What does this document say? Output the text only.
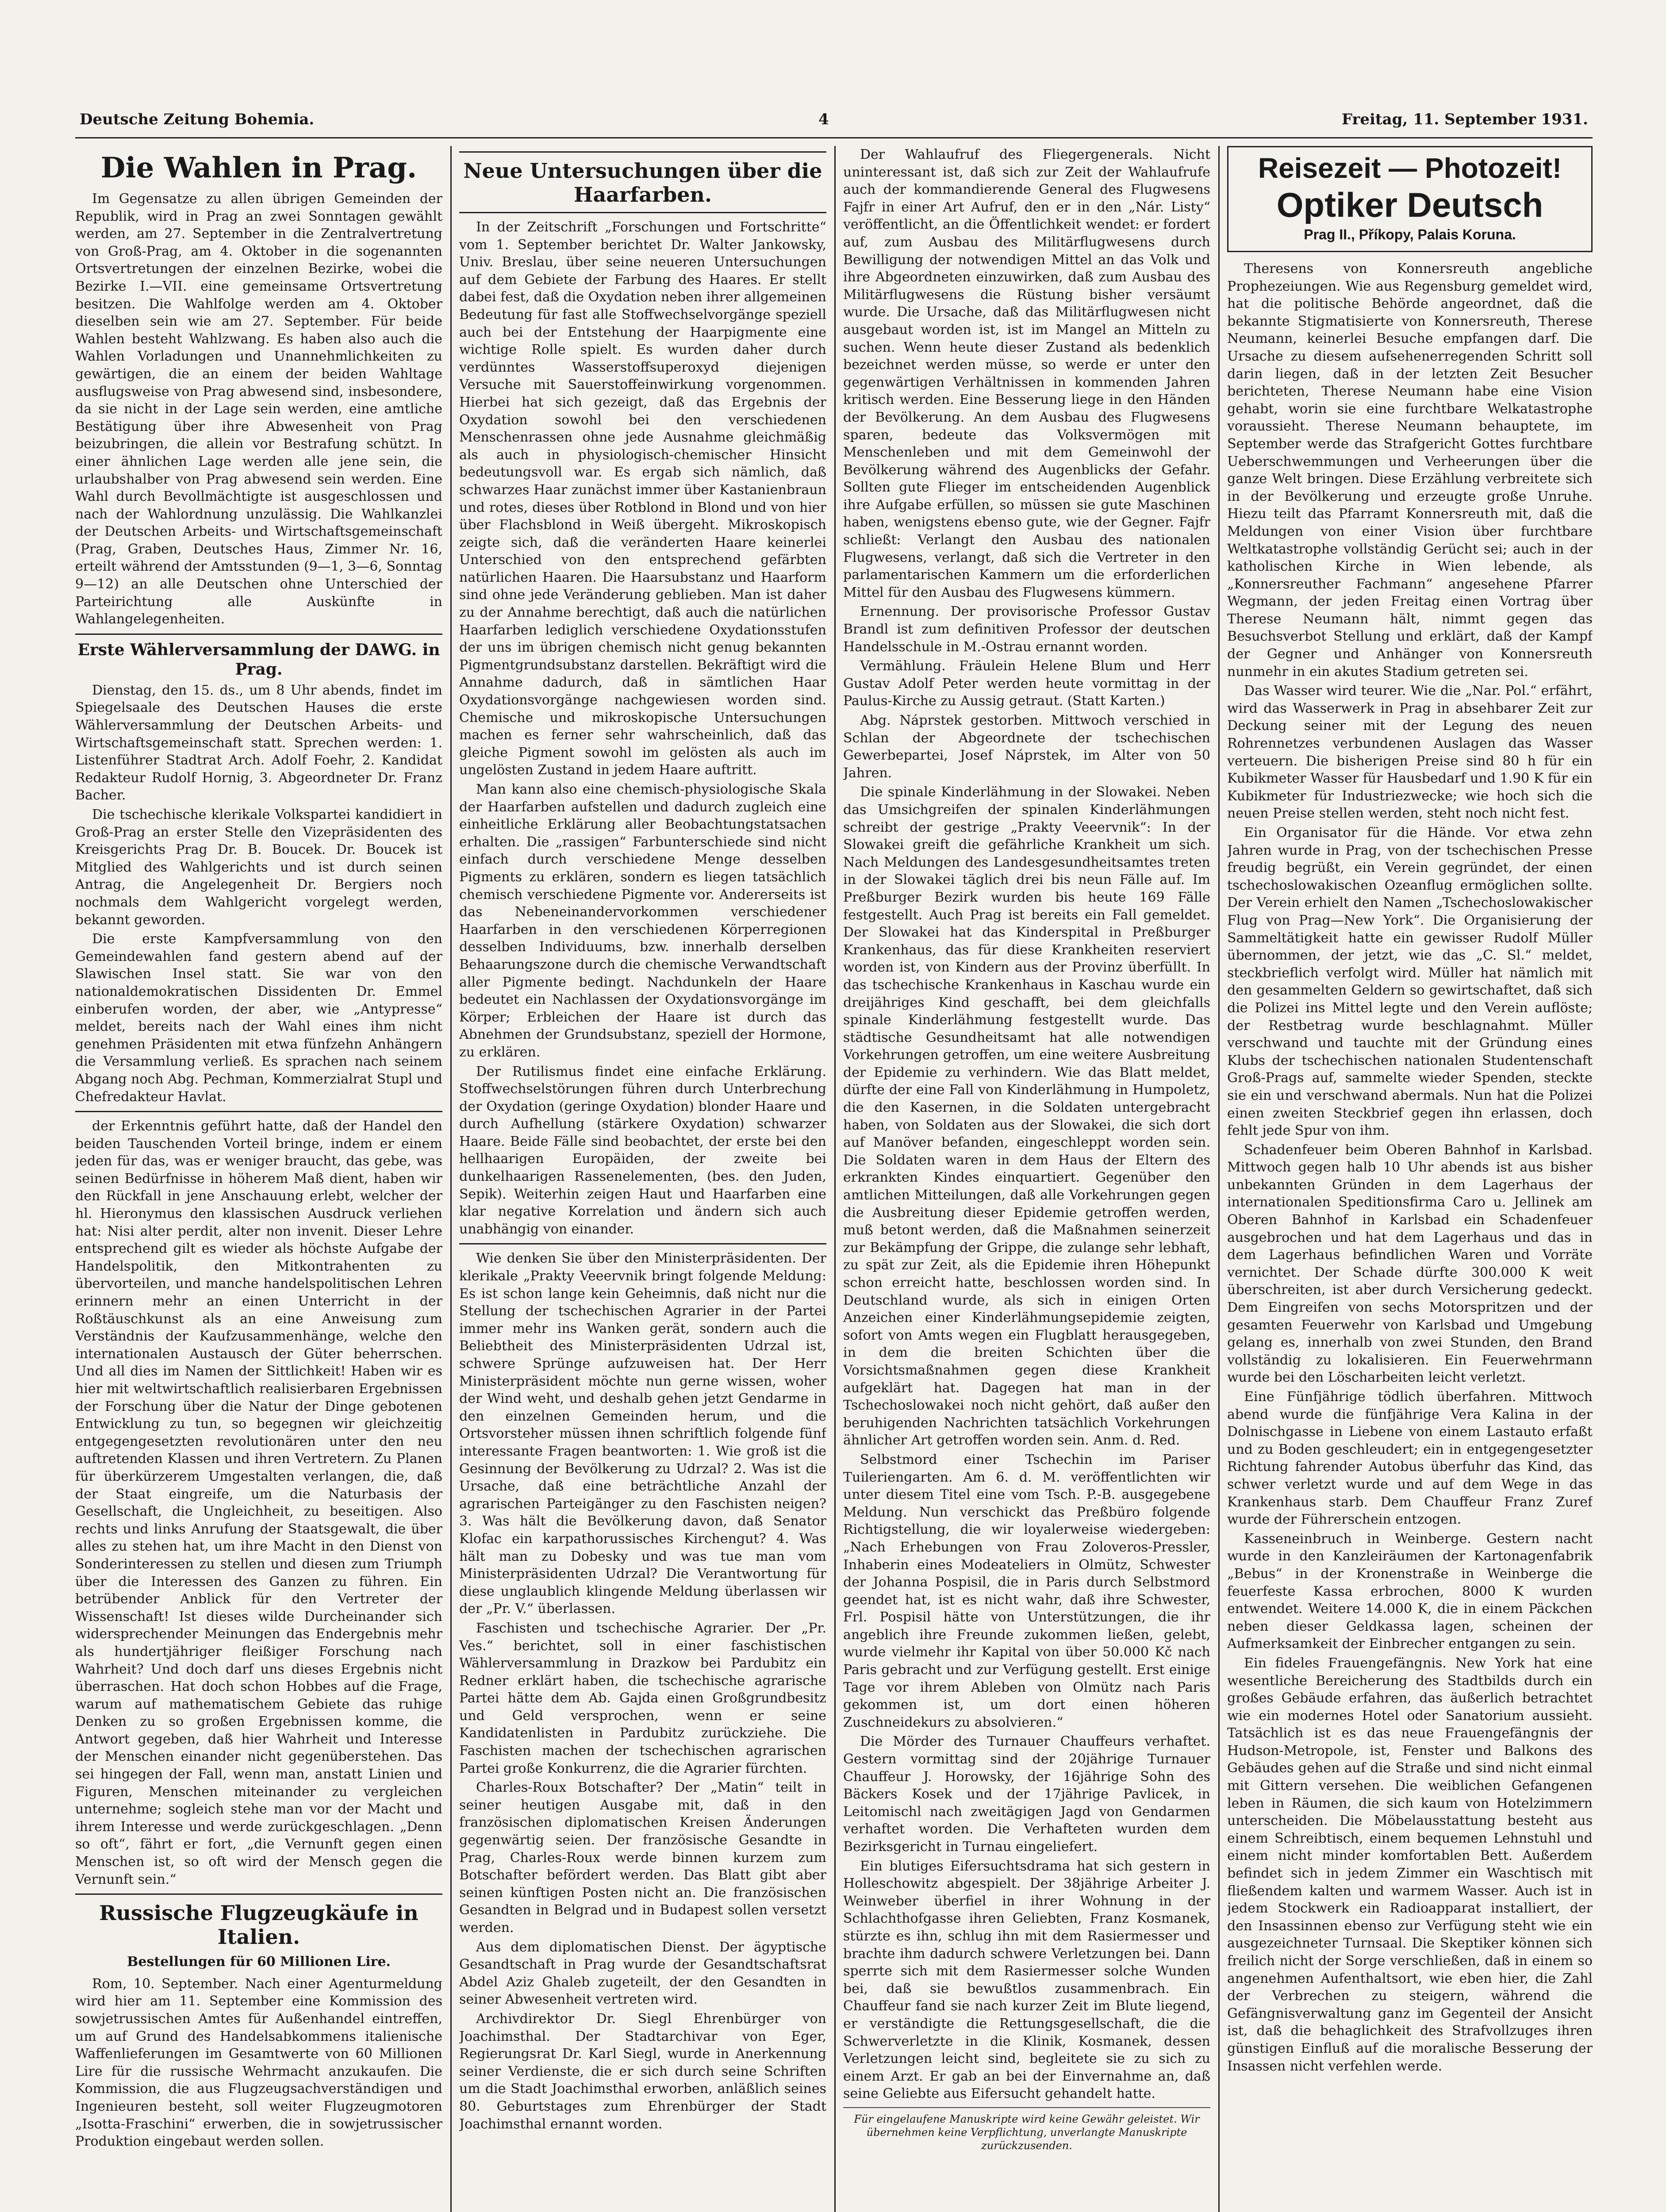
Deutsche Zeitung Bohemia.	4	Freitag, 11. September 1931.
Die Wahlen in Prag.

Im Gegensatze zu allen übrigen Gemeinden der Republik, wird in Prag an zwei Sonntagen gewählt werden, am 27. September in die Zentralvertretung von Groß-Prag, am 4. Oktober in die sogenannten Ortsvertretungen der einzelnen Bezirke, wobei die Bezirke I.—VII. eine gemeinsame Ortsvertretung besitzen. Die Wahlfolge werden am 4. Oktober dieselben sein wie am 27. September. Für beide Wahlen besteht Wahlzwang. Es haben also auch die Wahlen Vorladungen und Unannehmlichkeiten zu gewärtigen, die an einem der beiden Wahltage ausflugsweise von Prag abwesend sind, insbesondere, da sie nicht in der Lage sein werden, eine amtliche Bestätigung über ihre Abwesenheit von Prag beizubringen, die allein vor Bestrafung schützt. In einer ähnlichen Lage werden alle jene sein, die urlaubshalber von Prag abwesend sein werden. Eine Wahl durch Bevollmächtigte ist ausgeschlossen und nach der Wahlordnung unzulässig. Die Wahlkanzlei der Deutschen Arbeits- und Wirtschaftsgemeinschaft (Prag, Graben, Deutsches Haus, Zimmer Nr. 16, erteilt während der Amtsstunden (9—1, 3—6, Sonntag 9—12) an alle Deutschen ohne Unterschied der Parteirichtung alle Auskünfte in Wahlangelegenheiten.

Erste Wählerversammlung der DAWG. in Prag.

Dienstag, den 15. ds., um 8 Uhr abends, findet im Spiegelsaale des Deutschen Hauses die erste Wählerversammlung der Deutschen Arbeits- und Wirtschaftsgemeinschaft statt. Sprechen werden: 1. Listenführer Stadtrat Arch. Adolf Foehr, 2. Kandidat Redakteur Rudolf Hornig, 3. Abgeordneter Dr. Franz Bacher.

Die tschechische klerikale Volkspartei kandidiert in Groß-Prag an erster Stelle den Vizepräsidenten des Kreisgerichts Prag Dr. B. Boucek. Dr. Boucek ist Mitglied des Wahlgerichts und ist durch seinen Antrag, die Angelegenheit Dr. Bergiers noch nochmals dem Wahlgericht vorgelegt werden, bekannt geworden.

Die erste Kampfversammlung von den Gemeindewahlen fand gestern abend auf der Slawischen Insel statt. Sie war von den nationaldemokratischen Dissidenten Dr. Emmel einberufen worden, der aber, wie „Antypresse“ meldet, bereits nach der Wahl eines ihm nicht genehmen Präsidenten mit etwa fünfzehn Anhängern die Versammlung verließ. Es sprachen nach seinem Abgang noch Abg. Pechman, Kommerzialrat Stupl und Chefredakteur Havlat.

der Erkenntnis geführt hatte, daß der Handel den beiden Tauschenden Vorteil bringe, indem er einem jeden für das, was er weniger braucht, das gebe, was seinen Bedürfnisse in höherem Maß dient, haben wir den Rückfall in jene Anschauung erlebt, welcher der hl. Hieronymus den klassischen Ausdruck verliehen hat: Nisi alter perdit, alter non invenit. Dieser Lehre entsprechend gilt es wieder als höchste Aufgabe der Handelspolitik, den Mitkontrahenten zu übervorteilen, und manche handelspolitischen Lehren erinnern mehr an einen Unterricht in der Roßtäuschkunst als an eine Anweisung zum Verständnis der Kaufzusammenhänge, welche den internationalen Austausch der Güter beherrschen. Und all dies im Namen der Sittlichkeit! Haben wir es hier mit weltwirtschaftlich realisierbaren Ergebnissen der Forschung über die Natur der Dinge gebotenen Entwicklung zu tun, so begegnen wir gleichzeitig entgegengesetzten revolutionären unter den neu auftretenden Klassen und ihren Vertretern. Zu Planen für überkürzerem Umgestalten verlangen, die, daß der Staat eingreife, um die Naturbasis der Gesellschaft, die Ungleichheit, zu beseitigen. Also rechts und links Anrufung der Staatsgewalt, die über alles zu stehen hat, um ihre Macht in den Dienst von Sonderinteressen zu stellen und diesen zum Triumph über die Interessen des Ganzen zu führen. Ein betrübender Anblick für den Vertreter der Wissenschaft! Ist dieses wilde Durcheinander sich widersprechender Meinungen das Endergebnis mehr als hundertjähriger fleißiger Forschung nach Wahrheit? Und doch darf uns dieses Ergebnis nicht überraschen. Hat doch schon Hobbes auf die Frage, warum auf mathematischem Gebiete das ruhige Denken zu so großen Ergebnissen komme, die Antwort gegeben, daß hier Wahrheit und Interesse der Menschen einander nicht gegenüberstehen. Das sei hingegen der Fall, wenn man, anstatt Linien und Figuren, Menschen miteinander zu vergleichen unternehme; sogleich stehe man vor der Macht und ihrem Interesse und werde zurückgeschlagen. „Denn so oft“, fährt er fort, „die Vernunft gegen einen Menschen ist, so oft wird der Mensch gegen die Vernunft sein.“

Russische Flugzeugkäufe in Italien.
Bestellungen für 60 Millionen Lire.

Rom, 10. September. Nach einer Agenturmeldung wird hier am 11. September eine Kommission des sowjetrussischen Amtes für Außenhandel eintreffen, um auf Grund des Handelsabkommens italienische Waffenlieferungen im Gesamtwerte von 60 Millionen Lire für die russische Wehrmacht anzukaufen. Die Kommission, die aus Flugzeugsachverständigen und Ingenieuren besteht, soll weiter Flugzeugmotoren „Isotta-Fraschini“ erwerben, die in sowjetrussischer Produktion eingebaut werden sollen.

Neue Untersuchungen über die Haarfarben.

In der Zeitschrift „Forschungen und Fortschritte“ vom 1. September berichtet Dr. Walter Jankowsky, Univ. Breslau, über seine neueren Untersuchungen auf dem Gebiete der Farbung des Haares. Er stellt dabei fest, daß die Oxydation neben ihrer allgemeinen Bedeutung für fast alle Stoffwechselvorgänge speziell auch bei der Entstehung der Haarpigmente eine wichtige Rolle spielt. Es wurden daher durch verdünntes Wasserstoffsuperoxyd diejenigen Versuche mit Sauerstoffeinwirkung vorgenommen. Hierbei hat sich gezeigt, daß das Ergebnis der Oxydation sowohl bei den verschiedenen Menschenrassen ohne jede Ausnahme gleichmäßig als auch in physiologisch-chemischer Hinsicht bedeutungsvoll war. Es ergab sich nämlich, daß schwarzes Haar zunächst immer über Kastanienbraun und rotes, dieses über Rotblond in Blond und von hier über Flachsblond in Weiß übergeht. Mikroskopisch zeigte sich, daß die veränderten Haare keinerlei Unterschied von den entsprechend gefärbten natürlichen Haaren. Die Haarsubstanz und Haarform sind ohne jede Veränderung geblieben. Man ist daher zu der Annahme berechtigt, daß auch die natürlichen Haarfarben lediglich verschiedene Oxydationsstufen der uns im übrigen chemisch nicht genug bekannten Pigmentgrundsubstanz darstellen. Bekräftigt wird die Annahme dadurch, daß in sämtlichen Haar Oxydationsvorgänge nachgewiesen worden sind. Chemische und mikroskopische Untersuchungen machen es ferner sehr wahrscheinlich, daß das gleiche Pigment sowohl im gelösten als auch im ungelösten Zustand in jedem Haare auftritt.

Man kann also eine chemisch-physiologische Skala der Haarfarben aufstellen und dadurch zugleich eine einheitliche Erklärung aller Beobachtungstatsachen erhalten. Die „rassigen“ Farbunterschiede sind nicht einfach durch verschiedene Menge desselben Pigments zu erklären, sondern es liegen tatsächlich chemisch verschiedene Pigmente vor. Andererseits ist das Nebeneinandervorkommen verschiedener Haarfarben in den verschiedenen Körperregionen desselben Individuums, bzw. innerhalb derselben Behaarungszone durch die chemische Verwandtschaft aller Pigmente bedingt. Nachdunkeln der Haare bedeutet ein Nachlassen der Oxydationsvorgänge im Körper; Erbleichen der Haare ist durch das Abnehmen der Grundsubstanz, speziell der Hormone, zu erklären.

Der Rutilismus findet eine einfache Erklärung. Stoffwechselstörungen führen durch Unterbrechung der Oxydation (geringe Oxydation) blonder Haare und durch Aufhellung (stärkere Oxydation) schwarzer Haare. Beide Fälle sind beobachtet, der erste bei den hellhaarigen Europäiden, der zweite bei dunkelhaarigen Rassenelementen, (bes. den Juden, Sepik). Weiterhin zeigen Haut und Haarfarben eine klar negative Korrelation und ändern sich auch unabhängig von einander.

Wie denken Sie über den Ministerpräsidenten. Der klerikale „Prakty Veeervnik bringt folgende Meldung: Es ist schon lange kein Geheimnis, daß nicht nur die Stellung der tschechischen Agrarier in der Partei immer mehr ins Wanken gerät, sondern auch die Beliebtheit des Ministerpräsidenten Udrzal ist, schwere Sprünge aufzuweisen hat. Der Herr Ministerpräsident möchte nun gerne wissen, woher der Wind weht, und deshalb gehen jetzt Gendarme in den einzelnen Gemeinden herum, und die Ortsvorsteher müssen ihnen schriftlich folgende fünf interessante Fragen beantworten: 1. Wie groß ist die Gesinnung der Bevölkerung zu Udrzal? 2. Was ist die Ursache, daß eine beträchtliche Anzahl der agrarischen Parteigänger zu den Faschisten neigen? 3. Was hält die Bevölkerung davon, daß Senator Klofac ein karpathorussisches Kirchengut? 4. Was hält man zu Dobesky und was tue man vom Ministerpräsidenten Udrzal? Die Verantwortung für diese unglaublich klingende Meldung überlassen wir der „Pr. V.“ überlassen.

Faschisten und tschechische Agrarier. Der „Pr. Ves.“ berichtet, soll in einer faschistischen Wählerversammlung in Drazkow bei Pardubitz ein Redner erklärt haben, die tschechische agrarische Partei hätte dem Ab. Gajda einen Großgrundbesitz und Geld versprochen, wenn er seine Kandidatenlisten in Pardubitz zurückziehe. Die Faschisten machen der tschechischen agrarischen Partei große Konkurrenz, die die Agrarier fürchten.

Charles-Roux Botschafter? Der „Matin“ teilt in seiner heutigen Ausgabe mit, daß in den französischen diplomatischen Kreisen Änderungen gegenwärtig seien. Der französische Gesandte in Prag, Charles-Roux werde binnen kurzem zum Botschafter befördert werden. Das Blatt gibt aber seinen künftigen Posten nicht an. Die französischen Gesandten in Belgrad und in Budapest sollen versetzt werden.

Aus dem diplomatischen Dienst. Der ägyptische Gesandtschaft in Prag wurde der Gesandtschaftsrat Abdel Aziz Ghaleb zugeteilt, der den Gesandten in seiner Abwesenheit vertreten wird.

Archivdirektor Dr. Siegl Ehrenbürger von Joachimsthal. Der Stadtarchivar von Eger, Regierungsrat Dr. Karl Siegl, wurde in Anerkennung seiner Verdienste, die er sich durch seine Schriften um die Stadt Joachimsthal erworben, anläßlich seines 80. Geburtstages zum Ehrenbürger der Stadt Joachimsthal ernannt worden.

Der Wahlaufruf des Fliegergenerals. Nicht uninteressant ist, daß sich zur Zeit der Wahlaufrufe auch der kommandierende General des Flugwesens Fajfr in einer Art Aufruf, den er in den „Nár. Listy“ veröffentlicht, an die Öffentlichkeit wendet: er fordert auf, zum Ausbau des Militärflugwesens durch Bewilligung der notwendigen Mittel an das Volk und ihre Abgeordneten einzuwirken, daß zum Ausbau des Militärflugwesens die Rüstung bisher versäumt wurde. Die Ursache, daß das Militärflugwesen nicht ausgebaut worden ist, ist im Mangel an Mitteln zu suchen. Wenn heute dieser Zustand als bedenklich bezeichnet werden müsse, so werde er unter den gegenwärtigen Verhältnissen in kommenden Jahren kritisch werden. Eine Besserung liege in den Händen der Bevölkerung. An dem Ausbau des Flugwesens sparen, bedeute das Volksvermögen mit Menschenleben und mit dem Gemeinwohl der Bevölkerung während des Augenblicks der Gefahr. Sollten gute Flieger im entscheidenden Augenblick ihre Aufgabe erfüllen, so müssen sie gute Maschinen haben, wenigstens ebenso gute, wie der Gegner. Fajfr schließt: Verlangt den Ausbau des nationalen Flugwesens, verlangt, daß sich die Vertreter in den parlamentarischen Kammern um die erforderlichen Mittel für den Ausbau des Flugwesens kümmern.

Ernennung. Der provisorische Professor Gustav Brandl ist zum definitiven Professor der deutschen Handelsschule in M.-Ostrau ernannt worden.

Vermählung. Fräulein Helene Blum und Herr Gustav Adolf Peter werden heute vormittag in der Paulus-Kirche zu Aussig getraut. (Statt Karten.)

Abg. Náprstek gestorben. Mittwoch verschied in Schlan der Abgeordnete der tschechischen Gewerbepartei, Josef Náprstek, im Alter von 50 Jahren.

Die spinale Kinderlähmung in der Slowakei. Neben das Umsichgreifen der spinalen Kinderlähmungen schreibt der gestrige „Prakty Veeervnik“: In der Slowakei greift die gefährliche Krankheit um sich. Nach Meldungen des Landesgesundheitsamtes treten in der Slowakei täglich drei bis neun Fälle auf. Im Preßburger Bezirk wurden bis heute 169 Fälle festgestellt. Auch Prag ist bereits ein Fall gemeldet. Der Slowakei hat das Kinderspital in Preßburger Krankenhaus, das für diese Krankheiten reserviert worden ist, von Kindern aus der Provinz überfüllt. In das tschechische Krankenhaus in Kaschau wurde ein dreijähriges Kind geschafft, bei dem gleichfalls spinale Kinderlähmung festgestellt wurde. Das städtische Gesundheitsamt hat alle notwendigen Vorkehrungen getroffen, um eine weitere Ausbreitung der Epidemie zu verhindern. Wie das Blatt meldet, dürfte der eine Fall von Kinderlähmung in Humpoletz, die den Kasernen, in die Soldaten untergebracht haben, von Soldaten aus der Slowakei, die sich dort auf Manöver befanden, eingeschleppt worden sein. Die Soldaten waren in dem Haus der Eltern des erkrankten Kindes einquartiert. Gegenüber den amtlichen Mitteilungen, daß alle Vorkehrungen gegen die Ausbreitung dieser Epidemie getroffen werden, muß betont werden, daß die Maßnahmen seinerzeit zur Bekämpfung der Grippe, die zulange sehr lebhaft, zu spät zur Zeit, als die Epidemie ihren Höhepunkt schon erreicht hatte, beschlossen worden sind. In Deutschland wurde, als sich in einigen Orten Anzeichen einer Kinderlähmungsepidemie zeigten, sofort von Amts wegen ein Flugblatt herausgegeben, in dem die breiten Schichten über die Vorsichtsmaßnahmen gegen diese Krankheit aufgeklärt hat. Dagegen hat man in der Tschechoslowakei noch nicht gehört, daß außer den beruhigenden Nachrichten tatsächlich Vorkehrungen ähnlicher Art getroffen worden sein. Anm. d. Red.

Selbstmord einer Tschechin im Pariser Tuileriengarten. Am 6. d. M. veröffentlichten wir unter diesem Titel eine vom Tsch. P.-B. ausgegebene Meldung. Nun verschickt das Preßbüro folgende Richtigstellung, die wir loyalerweise wiedergeben: „Nach Erhebungen von Frau Zoloveros-Pressler, Inhaberin eines Modeateliers in Olmütz, Schwester der Johanna Pospisil, die in Paris durch Selbstmord geendet hat, ist es nicht wahr, daß ihre Schwester, Frl. Pospisil hätte von Unterstützungen, die ihr angeblich ihre Freunde zukommen ließen, gelebt, wurde vielmehr ihr Kapital von über 50.000 Kč nach Paris gebracht und zur Verfügung gestellt. Erst einige Tage vor ihrem Ableben von Olmütz nach Paris gekommen ist, um dort einen höheren Zuschneidekurs zu absolvieren.“

Die Mörder des Turnauer Chauffeurs verhaftet. Gestern vormittag sind der 20jährige Turnauer Chauffeur J. Horowsky, der 16jährige Sohn des Bäckers Kosek und der 17jährige Pavlicek, in Leitomischl nach zweitägigen Jagd von Gendarmen verhaftet worden. Die Verhafteten wurden dem Bezirksgericht in Turnau eingeliefert.

Ein blutiges Eifersuchtsdrama hat sich gestern in Holleschowitz abgespielt. Der 38jährige Arbeiter J. Weinweber überfiel in ihrer Wohnung in der Schlachthofgasse ihren Geliebten, Franz Kosmanek, stürzte es ihn, schlug ihn mit dem Rasiermesser und brachte ihm dadurch schwere Verletzungen bei. Dann sperrte sich mit dem Rasiermesser solche Wunden bei, daß sie bewußtlos zusammenbrach. Ein Chauffeur fand sie nach kurzer Zeit im Blute liegend, er verständigte die Rettungsgesellschaft, die die Schwerverletzte in die Klinik, Kosmanek, dessen Verletzungen leicht sind, begleitete sie zu sich zu einem Arzt. Er gab an bei der Einvernahme an, daß seine Geliebte aus Eifersucht gehandelt hatte.

Für eingelaufene Manuskripte wird keine Gewähr geleistet. Wir übernehmen keine Verpflichtung, unverlangte Manuskripte zurückzusenden.
Reisezeit — Photozeit!
Optiker Deutsch
Prag II., Příkopy, Palais Koruna.

Theresens von Konnersreuth angebliche Prophezeiungen. Wie aus Regensburg gemeldet wird, hat die politische Behörde angeordnet, daß die bekannte Stigmatisierte von Konnersreuth, Therese Neumann, keinerlei Besuche empfangen darf. Die Ursache zu diesem aufsehenerregenden Schritt soll darin liegen, daß in der letzten Zeit Besucher berichteten, Therese Neumann habe eine Vision gehabt, worin sie eine furchtbare Welkatastrophe voraussieht. Therese Neumann behauptete, im September werde das Strafgericht Gottes furchtbare Ueberschwemmungen und Verheerungen über die ganze Welt bringen. Diese Erzählung verbreitete sich in der Bevölkerung und erzeugte große Unruhe. Hiezu teilt das Pfarramt Konnersreuth mit, daß die Meldungen von einer Vision über furchtbare Weltkatastrophe vollständig Gerücht sei; auch in der katholischen Kirche in Wien lebende, als „Konnersreuther Fachmann“ angesehene Pfarrer Wegmann, der jeden Freitag einen Vortrag über Therese Neumann hält, nimmt gegen das Besuchsverbot Stellung und erklärt, daß der Kampf der Gegner und Anhänger von Konnersreuth nunmehr in ein akutes Stadium getreten sei.

Das Wasser wird teurer. Wie die „Nar. Pol.“ erfährt, wird das Wasserwerk in Prag in absehbarer Zeit zur Deckung seiner mit der Legung des neuen Rohrennetzes verbundenen Auslagen das Wasser verteuern. Die bisherigen Preise sind 80 h für ein Kubikmeter Wasser für Hausbedarf und 1.90 K für ein Kubikmeter für Industriezwecke; wie hoch sich die neuen Preise stellen werden, steht noch nicht fest.

Ein Organisator für die Hände. Vor etwa zehn Jahren wurde in Prag, von der tschechischen Presse freudig begrüßt, ein Verein gegründet, der einen tschechoslowakischen Ozeanflug ermöglichen sollte. Der Verein erhielt den Namen „Tschechoslowakischer Flug von Prag—New York“. Die Organisierung der Sammeltätigkeit hatte ein gewisser Rudolf Müller übernommen, der jetzt, wie das „C. Sl.“ meldet, steckbrieflich verfolgt wird. Müller hat nämlich mit den gesammelten Geldern so gewirtschaftet, daß sich die Polizei ins Mittel legte und den Verein auflöste; der Restbetrag wurde beschlagnahmt. Müller verschwand und tauchte mit der Gründung eines Klubs der tschechischen nationalen Studentenschaft Groß-Prags auf, sammelte wieder Spenden, steckte sie ein und verschwand abermals. Nun hat die Polizei einen zweiten Steckbrief gegen ihn erlassen, doch fehlt jede Spur von ihm.

Schadenfeuer beim Oberen Bahnhof in Karlsbad. Mittwoch gegen halb 10 Uhr abends ist aus bisher unbekannten Gründen in dem Lagerhaus der internationalen Speditionsfirma Caro u. Jellinek am Oberen Bahnhof in Karlsbad ein Schadenfeuer ausgebrochen und hat dem Lagerhaus und das in dem Lagerhaus befindlichen Waren und Vorräte vernichtet. Der Schade dürfte 300.000 K weit überschreiten, ist aber durch Versicherung gedeckt. Dem Eingreifen von sechs Motorspritzen und der gesamten Feuerwehr von Karlsbad und Umgebung gelang es, innerhalb von zwei Stunden, den Brand vollständig zu lokalisieren. Ein Feuerwehrmann wurde bei den Löscharbeiten leicht verletzt.

Eine Fünfjährige tödlich überfahren. Mittwoch abend wurde die fünfjährige Vera Kalina in der Dolnischgasse in Liebene von einem Lastauto erfaßt und zu Boden geschleudert; ein in entgegengesetzter Richtung fahrender Autobus überfuhr das Kind, das schwer verletzt wurde und auf dem Wege in das Krankenhaus starb. Dem Chauffeur Franz Zuref wurde der Führerschein entzogen.

Kasseneinbruch in Weinberge. Gestern nacht wurde in den Kanzleiräumen der Kartonagenfabrik „Bebus“ in der Kronenstraße in Weinberge die feuerfeste Kassa erbrochen, 8000 K wurden entwendet. Weitere 14.000 K, die in einem Päckchen neben dieser Geldkassa lagen, scheinen der Aufmerksamkeit der Einbrecher entgangen zu sein.

Ein fideles Frauengefängnis. New York hat eine wesentliche Bereicherung des Stadtbilds durch ein großes Gebäude erfahren, das äußerlich betrachtet wie ein modernes Hotel oder Sanatorium aussieht. Tatsächlich ist es das neue Frauengefängnis der Hudson-Metropole, ist, Fenster und Balkons des Gebäudes gehen auf die Straße und sind nicht einmal mit Gittern versehen. Die weiblichen Gefangenen leben in Räumen, die sich kaum von Hotelzimmern unterscheiden. Die Möbelausstattung besteht aus einem Schreibtisch, einem bequemen Lehnstuhl und einem nicht minder komfortablen Bett. Außerdem befindet sich in jedem Zimmer ein Waschtisch mit fließendem kalten und warmem Wasser. Auch ist in jedem Stockwerk ein Radioapparat installiert, der den Insassinnen ebenso zur Verfügung steht wie ein ausgezeichneter Turnsaal. Die Skeptiker können sich freilich nicht der Sorge verschließen, daß in einem so angenehmen Aufenthaltsort, wie eben hier, die Zahl der Verbrechen zu steigern, während die Gefängnisverwaltung ganz im Gegenteil der Ansicht ist, daß die behaglichkeit des Strafvollzuges ihren günstigen Einfluß auf die moralische Besserung der Insassen nicht verfehlen werde.
